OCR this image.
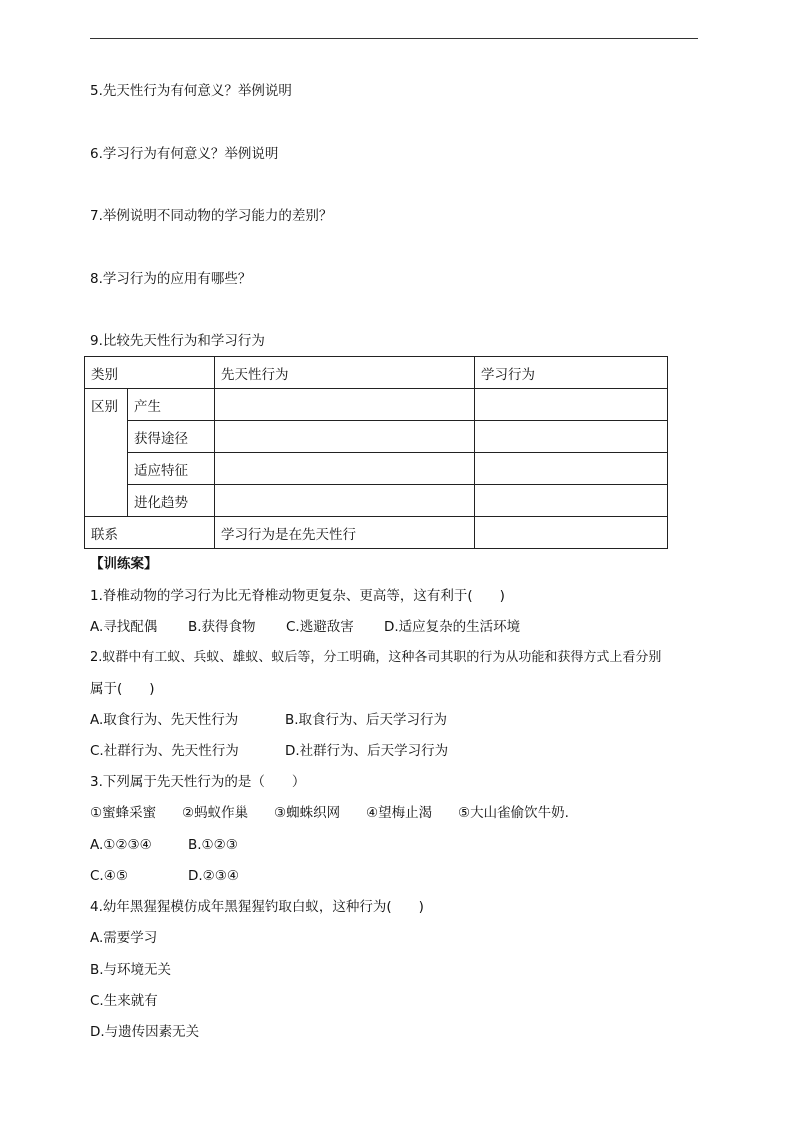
5.先天性行为有何意义？举例说明
6.学习行为有何意义？举例说明
7.举例说明不同动物的学习能力的差别？
8.学习行为的应用有哪些？
9.比较先天性行为和学习行为
类别		先天性行为	学习行为
区别	产生		
	获得途径		
	适应特征		
	进化趋势		
联系		学习行为是在先天性行	
【训练案】
1.脊椎动物的学习行为比无脊椎动物更复杂、更高等，这有利于(　　)
A.寻找配偶 B.获得食物 C.逃避敌害 D.适应复杂的生活环境
2.蚁群中有工蚁、兵蚁、雄蚁、蚁后等，分工明确，这种各司其职的行为从功能和获得方式上看分别
属于(　　)
A.取食行为、先天性行为	B.取食行为、后天学习行为
C.社群行为、先天性行为	D.社群行为、后天学习行为
3.下列属于先天性行为的是（　　）
①蜜蜂采蜜 ②蚂蚁作巢 ③蜘蛛织网 ④望梅止渴 ⑤大山雀偷饮牛奶.
A.①②③④	B.①②③
C.④⑤	D.②③④
4.幼年黑猩猩模仿成年黑猩猩钓取白蚁，这种行为(　　)
A.需要学习
B.与环境无关
C.生来就有
D.与遗传因素无关
